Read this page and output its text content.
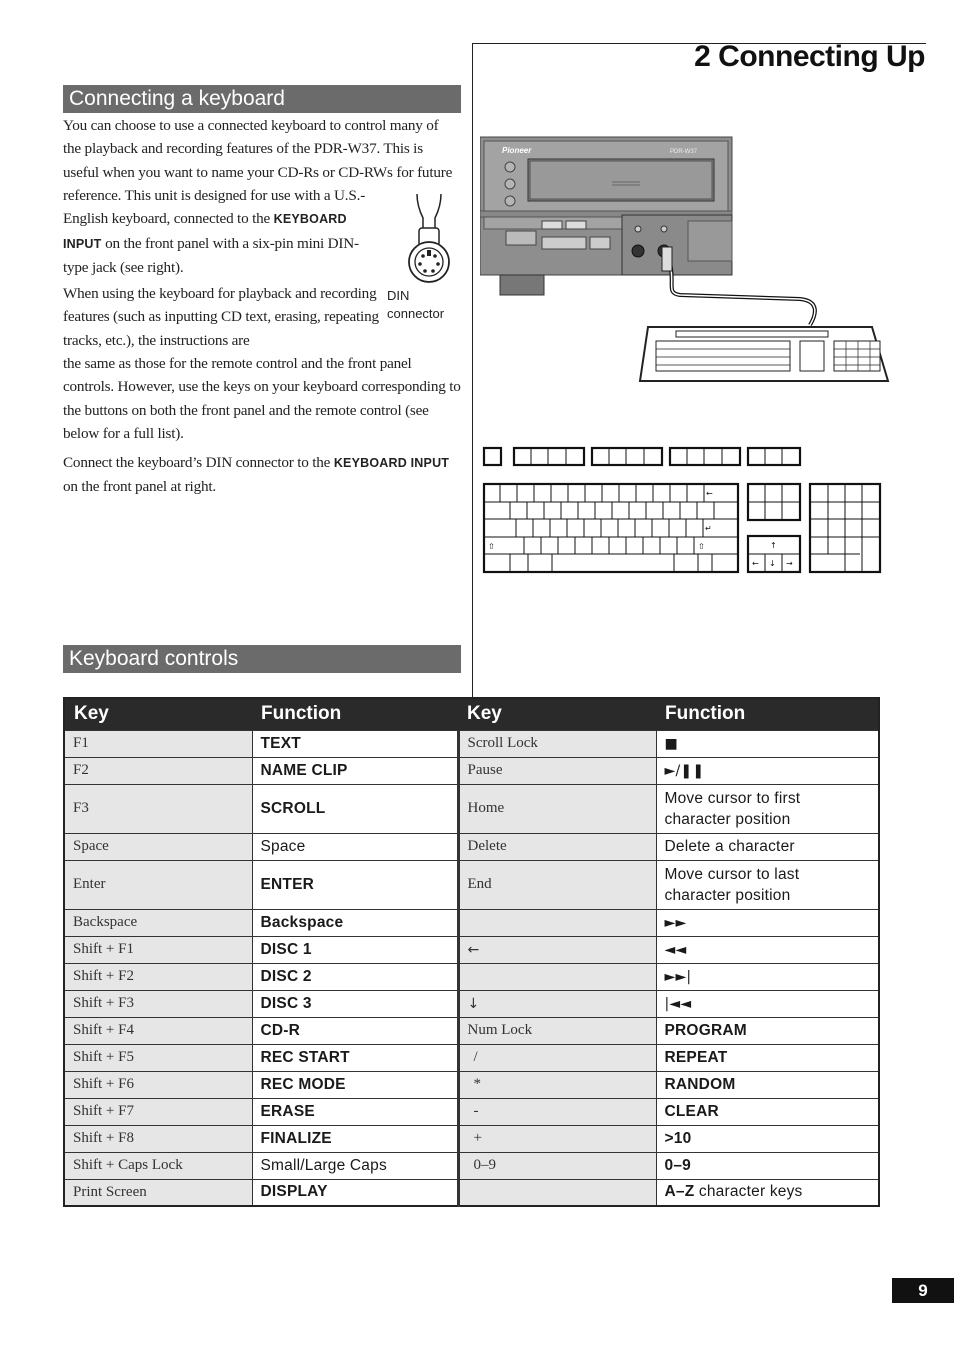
2 Connecting Up
Connecting a keyboard
You can choose to use a connected keyboard to control many of the playback and recording features of the PDR-W37. This is useful when you want to name your CD-Rs or CD-RWs for future
reference. This unit is designed for use with a U.S.-English keyboard, connected to the KEYBOARD INPUT on the front panel with a six-pin mini DIN-type jack (see right).
When using the keyboard for playback and recording features (such as inputting CD text, erasing, repeating tracks, etc.), the instructions are
the same as those for the remote control and the front panel controls. However, use the keys on your keyboard corresponding to the buttons on both the front panel and the remote control (see below for a full list).
Connect the keyboard’s DIN connector to the KEYBOARD INPUT on the front panel at right.
DIN
connector
Pioneer	PDR-W37
←
↵
⇧	⇧	↑
← ↓ →
Keyboard controls
Key	Function	Key	Function
F1	TEXT	Scroll Lock	■
F2	NAME CLIP	Pause	►/❚❚
F3	SCROLL	Home	Move cursor to first character position
Space	Space	Delete	Delete a character
Enter	ENTER	End	Move cursor to last character position
Backspace	Backspace		►►
Shift + F1	DISC 1	←	◄◄
Shift + F2	DISC 2		►►|
Shift + F3	DISC 3	↓	|◄◄
Shift + F4	CD-R	Num Lock	PROGRAM
Shift + F5	REC START	/	REPEAT
Shift + F6	REC MODE	*	RANDOM
Shift + F7	ERASE	-	CLEAR
Shift + F8	FINALIZE	+	>10
Shift + Caps Lock	Small/Large Caps	0–9	0–9
Print Screen	DISPLAY		A–Z character keys
9
